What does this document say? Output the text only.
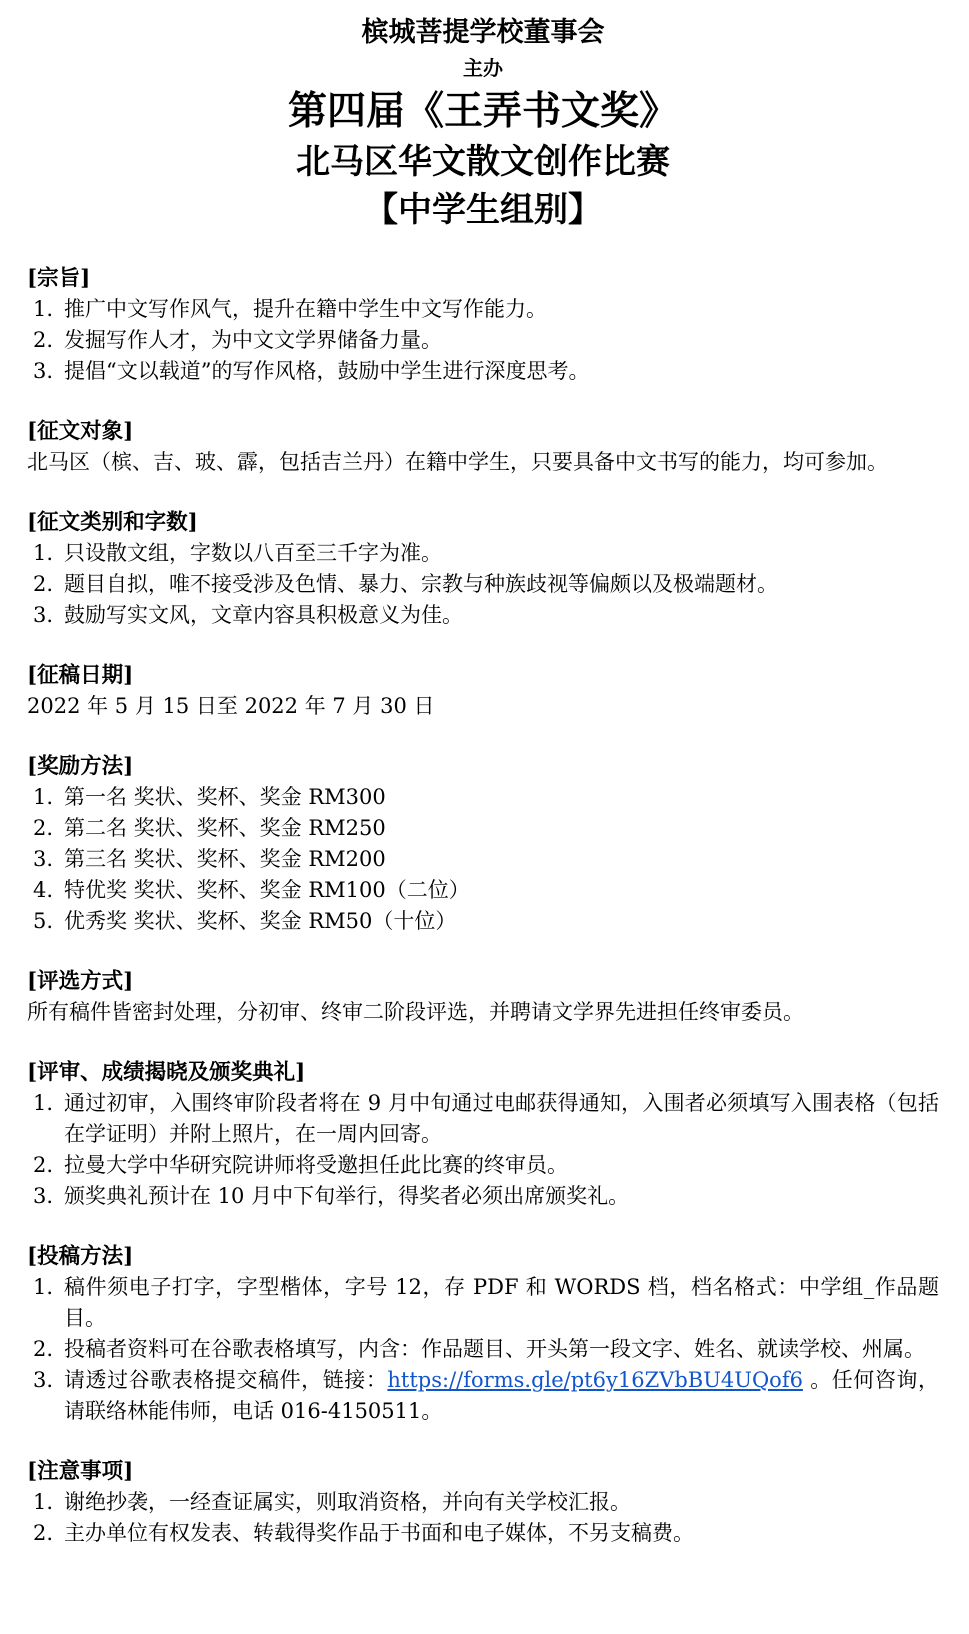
槟城菩提学校董事会
主办
第四届《王弄书文奖》
北马区华文散文创作比赛
【中学生组别】
[宗旨]
1. 推广中文写作风气，提升在籍中学生中文写作能力。
2. 发掘写作人才，为中文文学界储备力量。
3. 提倡“文以载道”的写作风格，鼓励中学生进行深度思考。
[征文对象]

北马区（槟、吉、玻、霹，包括吉兰丹）在籍中学生，只要具备中文书写的能力，均可参加。

[征文类别和字数]
1. 只设散文组，字数以八百至三千字为准。
2. 题目自拟，唯不接受涉及色情、暴力、宗教与种族歧视等偏颇以及极端题材。
3. 鼓励写实文风，文章内容具积极意义为佳。
[征稿日期]

2022 年 5 月 15 日至 2022 年 7 月 30 日

[奖励方法]
1. 第一名 奖状、奖杯、奖金 RM300
2. 第二名 奖状、奖杯、奖金 RM250
3. 第三名 奖状、奖杯、奖金 RM200
4. 特优奖 奖状、奖杯、奖金 RM100（二位）
5. 优秀奖 奖状、奖杯、奖金 RM50（十位）
[评选方式]

所有稿件皆密封处理，分初审、终审二阶段评选，并聘请文学界先进担任终审委员。

[评审、成绩揭晓及颁奖典礼]
1. 通过初审，入围终审阶段者将在 9 月中旬通过电邮获得通知，入围者必须填写入围表格（包括在学证明）并附上照片，在一周内回寄。
2. 拉曼大学中华研究院讲师将受邀担任此比赛的终审员。
3. 颁奖典礼预计在 10 月中下旬举行，得奖者必须出席颁奖礼。
[投稿方法]
1. 稿件须电子打字，字型楷体，字号 12，存 PDF 和 WORDS 档，档名格式：中学组_作品题目。
2. 投稿者资料可在谷歌表格填写，内含：作品题目、开头第一段文字、姓名、就读学校、州属。
3. 请透过谷歌表格提交稿件，链接：https://forms.gle/pt6y16ZVbBU4UQof6 。任何咨询，请联络林能伟师，电话 016-4150511。
[注意事项]
1. 谢绝抄袭，一经查证属实，则取消资格，并向有关学校汇报。
2. 主办单位有权发表、转载得奖作品于书面和电子媒体，不另支稿费。
